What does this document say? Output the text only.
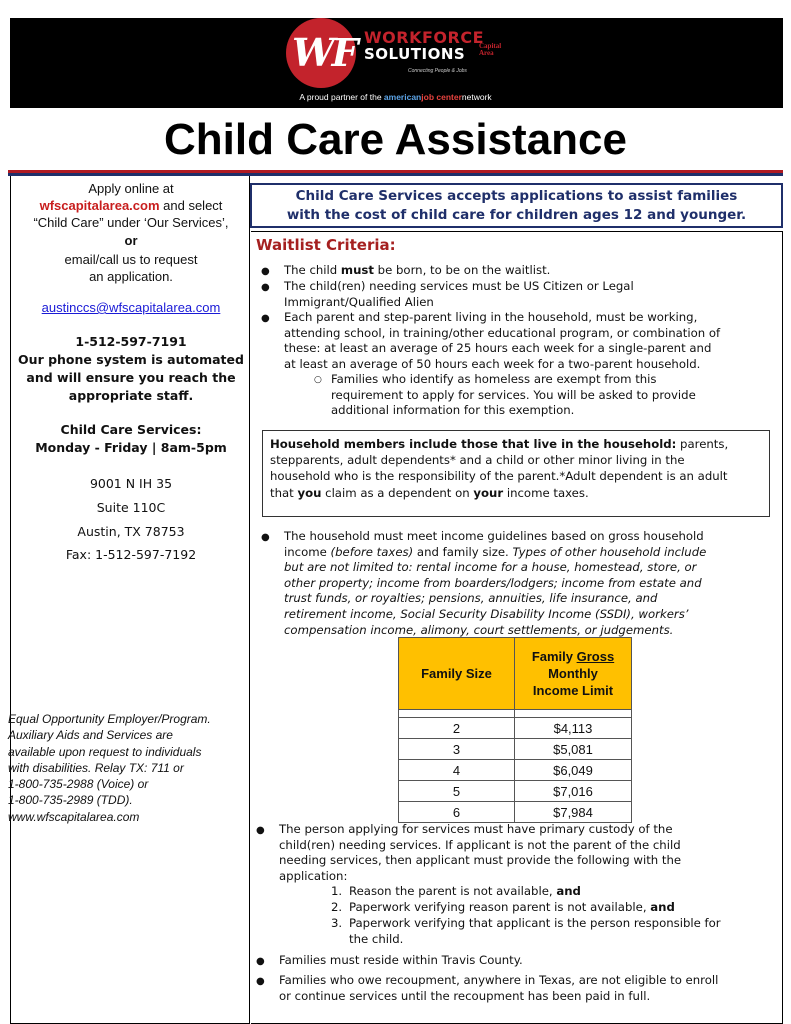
WF WORKFORCE
SOLUTIONS Capital Area
Connecting People & Jobs
A proud partner of the americanjob centernetwork
Child Care Assistance
Apply online at
wfscapitalarea.com and select
“Child Care” under ‘Our Services’,
or
email/call us to request
an application.
austinccs@wfscapitalarea.com
1-512-597-7191
Our phone system is automated
and will ensure you reach the
appropriate staff.
Child Care Services:
Monday - Friday | 8am-5pm
9001 N IH 35
Suite 110C
Austin, TX 78753
Fax: 1-512-597-7192
Equal Opportunity Employer/Program.
Auxiliary Aids and Services are
available upon request to individuals
with disabilities. Relay TX: 711 or
1-800-735-2988 (Voice) or
1-800-735-2989 (TDD).
www.wfscapitalarea.com
Child Care Services accepts applications to assist families
with the cost of child care for children ages 12 and younger.
Waitlist Criteria:
● The child must be born, to be on the waitlist.
● The child(ren) needing services must be US Citizen or Legal
Immigrant/Qualified Alien
● Each parent and step-parent living in the household, must be working,
attending school, in training/other educational program, or combination of
these: at least an average of 25 hours each week for a single-parent and
at least an average of 50 hours each week for a two-parent household.
○ Families who identify as homeless are exempt from this
requirement to apply for services. You will be asked to provide
additional information for this exemption.
Household members include those that live in the household: parents,
stepparents, adult dependents* and a child or other minor living in the
household who is the responsibility of the parent.*Adult dependent is an adult
that you claim as a dependent on your income taxes.
● The household must meet income guidelines based on gross household
income (before taxes) and family size. Types of other household include
but are not limited to: rental income for a house, homestead, store, or
other property; income from boarders/lodgers; income from estate and
trust funds, or royalties; pensions, annuities, life insurance, and
retirement income, Social Security Disability Income (SSDI), workers’
compensation income, alimony, court settlements, or judgements.
Family Size	Family Gross
Monthly
Income Limit

2	$4,113
3	$5,081
4	$6,049
5	$7,016
6	$7,984
● The person applying for services must have primary custody of the
child(ren) needing services. If applicant is not the parent of the child
needing services, then applicant must provide the following with the
application:
1. Reason the parent is not available, and
2. Paperwork verifying reason parent is not available, and
3. Paperwork verifying that applicant is the person responsible for
the child.
● Families must reside within Travis County.
● Families who owe recoupment, anywhere in Texas, are not eligible to enroll
or continue services until the recoupment has been paid in full.
